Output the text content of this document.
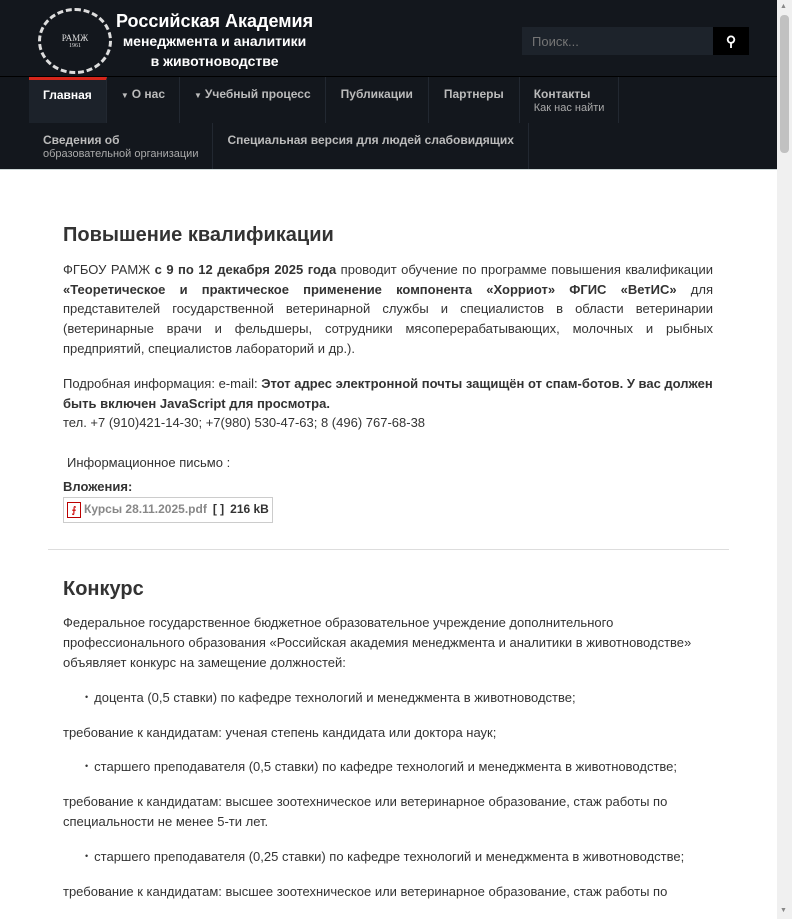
РАМЖ
1961
Российская Академия
менеджмента и аналитики
в животноводстве
Поиск...
⚲
Главная	▼ О нас	▼ Учебный процесс	Публикации	Партнеры	Контакты
Как нас найти
Сведения об
образовательной организации
Специальная версия для людей слабовидящих
Повышение квалификации

ФГБОУ РАМЖ с 9 по 12 декабря 2025 года проводит обучение по программе повышения квалификации «Теоретическое и практическое применение компонента «Хорриот» ФГИС «ВетИС» для представителей государственной ветеринарной службы и специалистов в области ветеринарии (ветеринарные врачи и фельдшеры, сотрудники мясоперерабатывающих, молочных и рыбных предприятий, специалистов лабораторий и др.).

Подробная информация: e-mail: Этот адрес электронной почты защищён от спам-ботов. У вас должен быть включен JavaScript для просмотра.
тел. +7 (910)421-14-30; +7(980) 530-47-63; 8 (496) 767-68-38

Информационное письмо :

Вложения:
⨍ Курсы 28.11.2025.pdf [ ] 216 kB
Конкурс

Федеральное государственное бюджетное образовательное учреждение дополнительного профессионального образования «Российская академия менеджмента и аналитики в животноводстве» объявляет конкурс на замещение должностей:

• доцента (0,5 ставки) по кафедре технологий и менеджмента в животноводстве;

требование к кандидатам: ученая степень кандидата или доктора наук;

• старшего преподавателя (0,5 ставки) по кафедре технологий и менеджмента в животноводстве;

требование к кандидатам: высшее зоотехническое или ветеринарное образование, стаж работы по специальности не менее 5-ти лет.

• старшего преподавателя (0,25 ставки) по кафедре технологий и менеджмента в животноводстве;

требование к кандидатам: высшее зоотехническое или ветеринарное образование, стаж работы по

▲
▼
